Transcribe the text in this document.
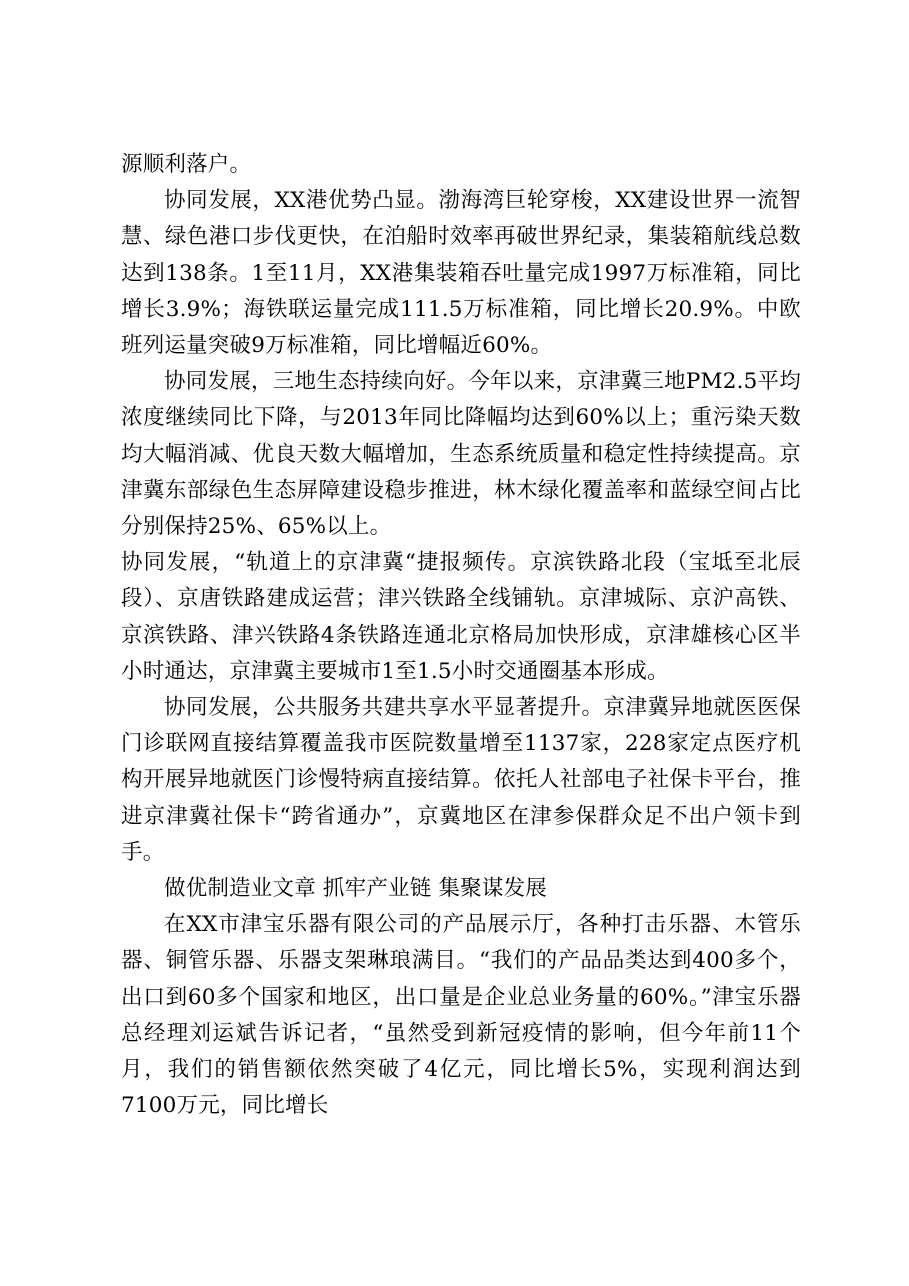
源顺利落户。

协同发展，XX港优势凸显。渤海湾巨轮穿梭，XX建设世界一流智慧、绿色港口步伐更快，在泊船时效率再破世界纪录，集装箱航线总数达到138条。1至11月，XX港集装箱吞吐量完成1997万标准箱，同比增长3.9%；海铁联运量完成111.5万标准箱，同比增长20.9%。中欧班列运量突破9万标准箱，同比增幅近60%。

协同发展，三地生态持续向好。今年以来，京津冀三地PM2.5平均浓度继续同比下降，与2013年同比降幅均达到60%以上；重污染天数均大幅消减、优良天数大幅增加，生态系统质量和稳定性持续提高。京津冀东部绿色生态屏障建设稳步推进，林木绿化覆盖率和蓝绿空间占比分别保持25%、65%以上。

协同发展，“轨道上的京津冀“捷报频传。京滨铁路北段（宝坻至北辰段）、京唐铁路建成运营；津兴铁路全线铺轨。京津城际、京沪高铁、京滨铁路、津兴铁路4条铁路连通北京格局加快形成，京津雄核心区半小时通达，京津冀主要城市1至1.5小时交通圈基本形成。

协同发展，公共服务共建共享水平显著提升。京津冀异地就医医保门诊联网直接结算覆盖我市医院数量增至1137家，228家定点医疗机构开展异地就医门诊慢特病直接结算。依托人社部电子社保卡平台，推进京津冀社保卡“跨省通办”，京冀地区在津参保群众足不出户领卡到手。

做优制造业文章 抓牢产业链 集聚谋发展

在XX市津宝乐器有限公司的产品展示厅，各种打击乐器、木管乐器、铜管乐器、乐器支架琳琅满目。“我们的产品品类达到400多个，出口到60多个国家和地区，出口量是企业总业务量的60%。”津宝乐器总经理刘运斌告诉记者，“虽然受到新冠疫情的影响，但今年前11个月，我们的销售额依然突破了4亿元，同比增长5%，实现利润达到7100万元，同比增长
